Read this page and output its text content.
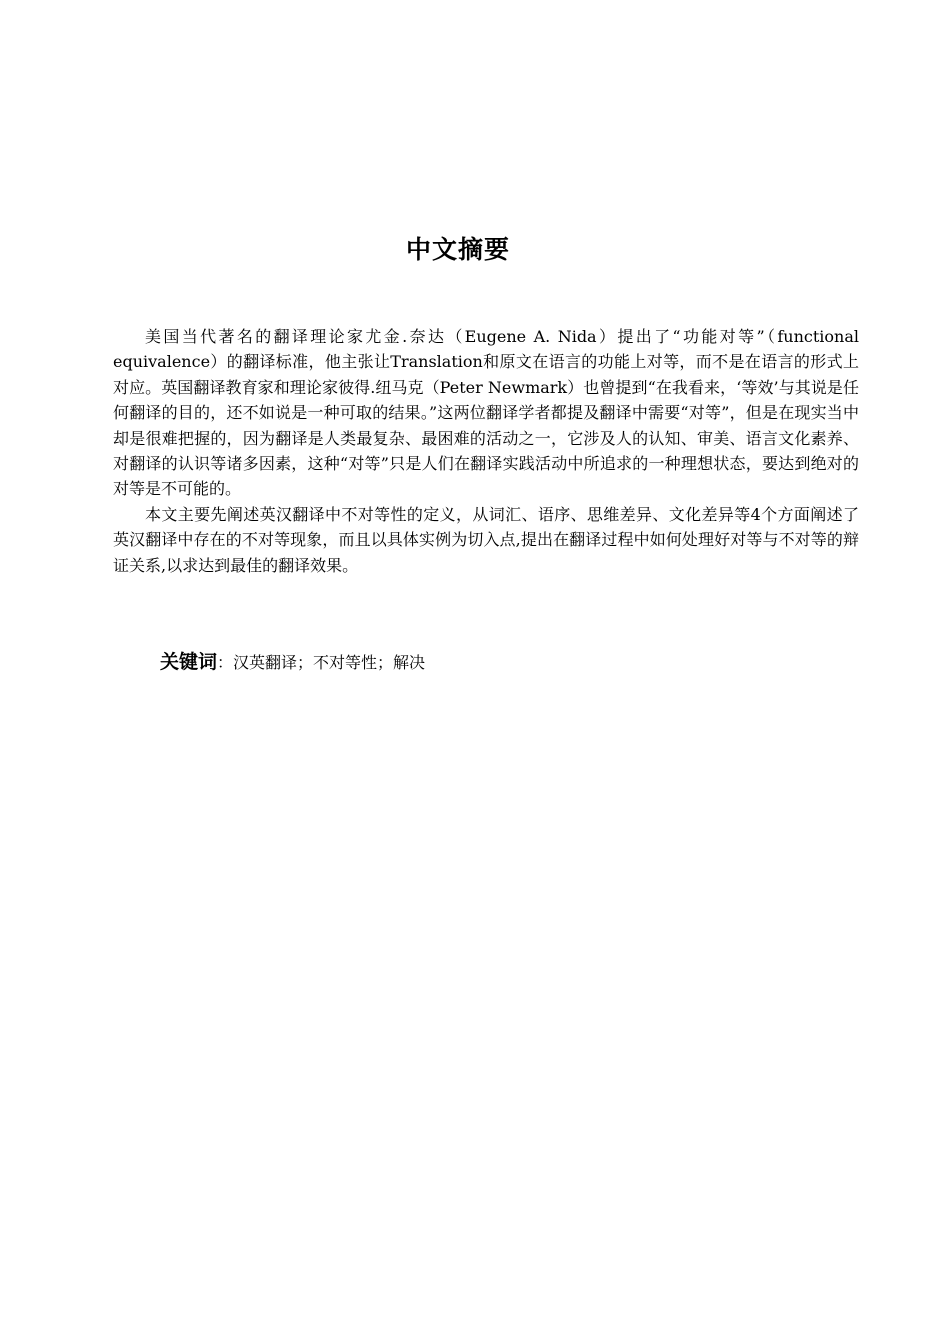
中文摘要

美国当代著名的翻译理论家尤金.奈达（Eugene A. Nida）提出了“功能对等”（functional equivalence）的翻译标准，他主张让Translation和原文在语言的功能上对等，而不是在语言的形式上对应。英国翻译教育家和理论家彼得.纽马克（Peter Newmark）也曾提到“在我看来，‘等效’与其说是任何翻译的目的，还不如说是一种可取的结果。”这两位翻译学者都提及翻译中需要“对等”，但是在现实当中却是很难把握的，因为翻译是人类最复杂、最困难的活动之一，它涉及人的认知、审美、语言文化素养、对翻译的认识等诸多因素，这种“对等”只是人们在翻译实践活动中所追求的一种理想状态，要达到绝对的对等是不可能的。

本文主要先阐述英汉翻译中不对等性的定义，从词汇、语序、思维差异、文化差异等4个方面阐述了英汉翻译中存在的不对等现象，而且以具体实例为切入点,提出在翻译过程中如何处理好对等与不对等的辩证关系,以求达到最佳的翻译效果。

关键词：汉英翻译；不对等性；解决
